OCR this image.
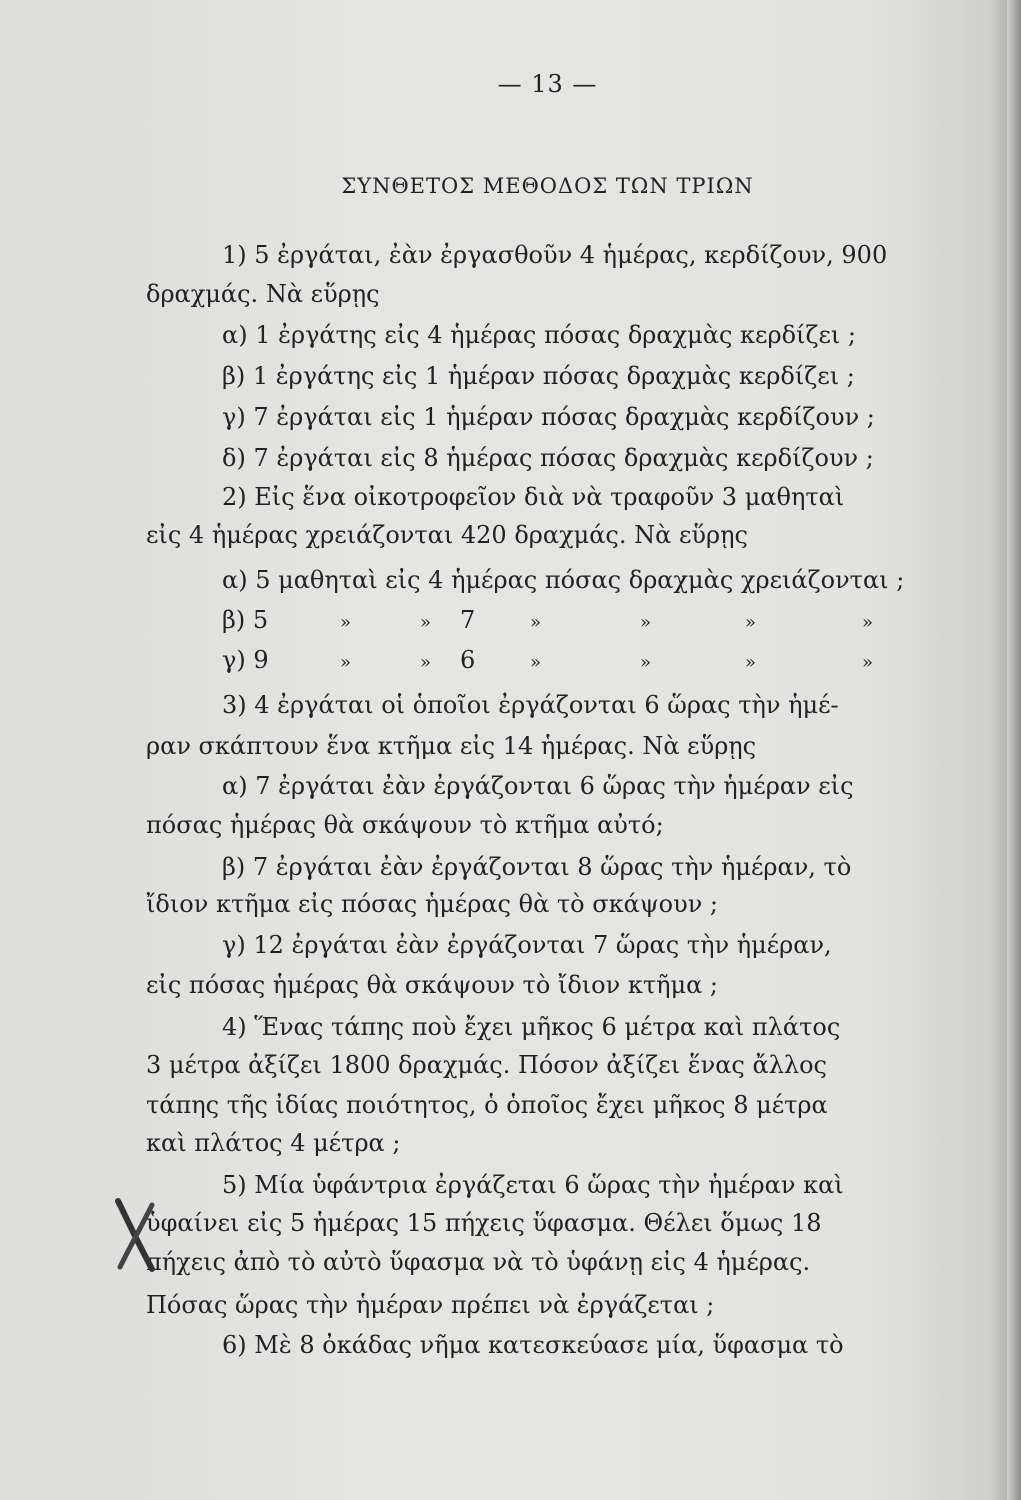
— 13 —
ΣΥΝΘΕΤΟΣ ΜΕΘΟΔΟΣ ΤΩΝ ΤΡΙΩΝ
1) 5 ἐργάται, ἐὰν ἐργασθοῦν 4 ἡμέρας, κερδίζουν, 900
δραχμάς. Νὰ εὕρῃς
α) 1 ἐργάτης εἰς 4 ἡμέρας πόσας δραχμὰς κερδίζει ;
β) 1 ἐργάτης εἰς 1 ἡμέραν πόσας δραχμὰς κερδίζει ;
γ) 7 ἐργάται εἰς 1 ἡμέραν πόσας δραχμὰς κερδίζουν ;
δ) 7 ἐργάται εἰς 8 ἡμέρας πόσας δραχμὰς κερδίζουν ;
2) Εἰς ἕνα οἰκοτροφεῖον διὰ νὰ τραφοῦν 3 μαθηταὶ
εἰς 4 ἡμέρας χρειάζονται 420 δραχμάς. Νὰ εὕρῃς
α) 5 μαθηταὶ εἰς 4 ἡμέρας πόσας δραχμὰς χρειάζονται ;
β) 5	»	» 7	»	»	»	»
γ) 9	»	» 6	»	»	»	»
3) 4 ἐργάται οἱ ὁποῖοι ἐργάζονται 6 ὥρας τὴν ἡμέ-
ραν σκάπτουν ἕνα κτῆμα εἰς 14 ἡμέρας. Νὰ εὕρῃς
α) 7 ἐργάται ἐὰν ἐργάζονται 6 ὥρας τὴν ἡμέραν εἰς
πόσας ἡμέρας θὰ σκάψουν τὸ κτῆμα αὐτό;
β) 7 ἐργάται ἐὰν ἐργάζονται 8 ὥρας τὴν ἡμέραν, τὸ
ἴδιον κτῆμα εἰς πόσας ἡμέρας θὰ τὸ σκάψουν ;
γ) 12 ἐργάται ἐὰν ἐργάζονται 7 ὥρας τὴν ἡμέραν,
εἰς πόσας ἡμέρας θὰ σκάψουν τὸ ἴδιον κτῆμα ;
4) Ἕνας τάπης ποὺ ἔχει μῆκος 6 μέτρα καὶ πλάτος
3 μέτρα ἀξίζει 1800 δραχμάς. Πόσον ἀξίζει ἕνας ἄλλος
τάπης τῆς ἰδίας ποιότητος, ὁ ὁποῖος ἔχει μῆκος 8 μέτρα
καὶ πλάτος 4 μέτρα ;
5) Μία ὑφάντρια ἐργάζεται 6 ὥρας τὴν ἡμέραν καὶ
ὑφαίνει εἰς 5 ἡμέρας 15 πήχεις ὕφασμα. Θέλει ὅμως 18
πήχεις ἀπὸ τὸ αὐτὸ ὕφασμα νὰ τὸ ὑφάνῃ εἰς 4 ἡμέρας.
Πόσας ὥρας τὴν ἡμέραν πρέπει νὰ ἐργάζεται ;
6) Μὲ 8 ὀκάδας νῆμα κατεσκεύασε μία, ὕφασμα τὸ
